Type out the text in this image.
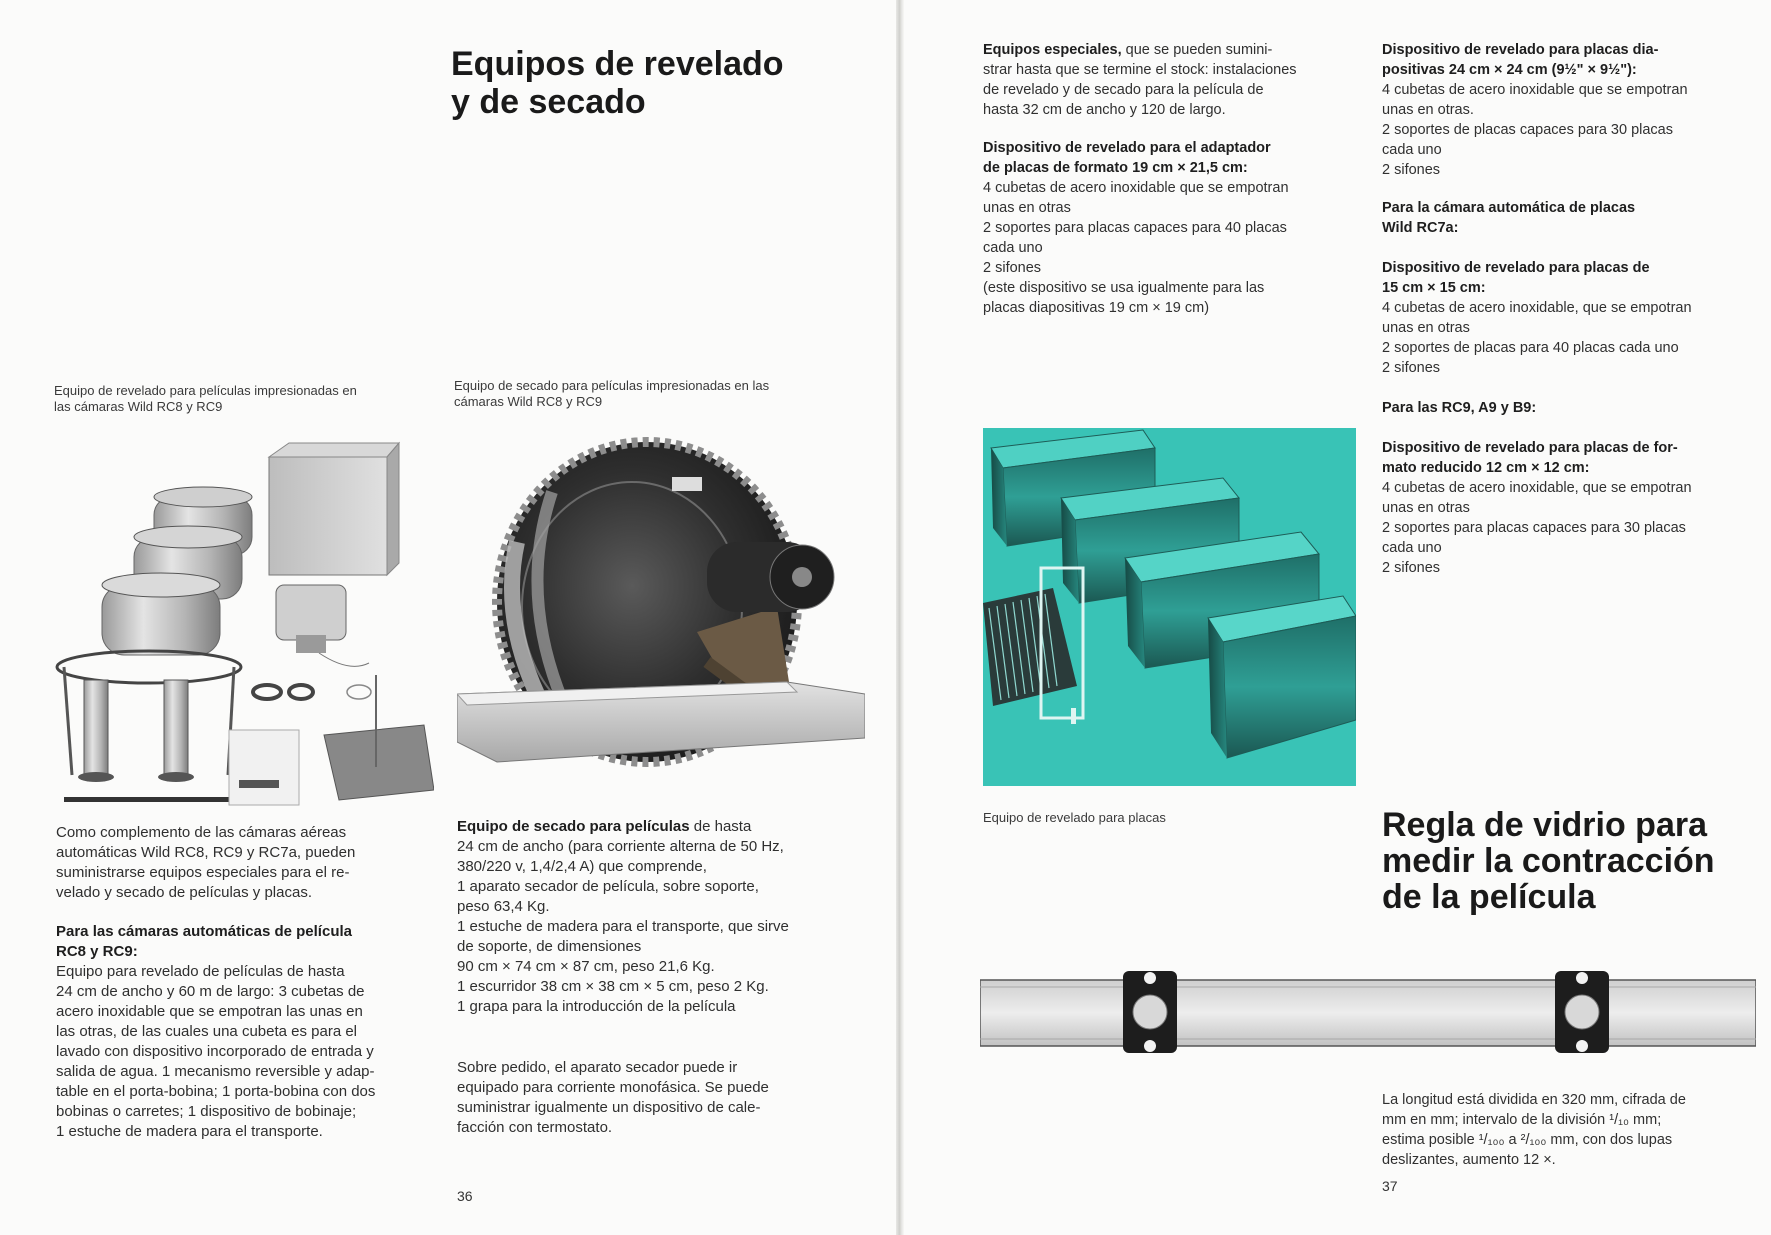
Equipos de revelado
y de secado
Equipo de revelado para películas impresionadas en
las cámaras Wild RC8 y RC9
Equipo de secado para películas impresionadas en las
cámaras Wild RC8 y RC9
Como complemento de las cámaras aéreas
automáticas Wild RC8, RC9 y RC7a, pueden
suministrarse equipos especiales para el re-
velado y secado de películas y placas.
Para las cámaras automáticas de película
RC8 y RC9:
Equipo para revelado de películas de hasta
24 cm de ancho y 60 m de largo: 3 cubetas de
acero inoxidable que se empotran las unas en
las otras, de las cuales una cubeta es para el
lavado con dispositivo incorporado de entrada y
salida de agua. 1 mecanismo reversible y adap-
table en el porta-bobina; 1 porta-bobina con dos
bobinas o carretes; 1 dispositivo de bobinaje;
1 estuche de madera para el transporte.
Equipo de secado para películas de hasta
24 cm de ancho (para corriente alterna de 50 Hz,
380/220 v, 1,4/2,4 A) que comprende,
1 aparato secador de película, sobre soporte,
peso 63,4 Kg.
1 estuche de madera para el transporte, que sirve
de soporte, de dimensiones
90 cm × 74 cm × 87 cm, peso 21,6 Kg.
1 escurridor 38 cm × 38 cm × 5 cm, peso 2 Kg.
1 grapa para la introducción de la película
Sobre pedido, el aparato secador puede ir
equipado para corriente monofásica. Se puede
suministrar igualmente un dispositivo de cale-
facción con termostato.
36
Equipos especiales, que se pueden sumini-
strar hasta que se termine el stock: instalaciones
de revelado y de secado para la película de
hasta 32 cm de ancho y 120 de largo.
Dispositivo de revelado para el adaptador
de placas de formato 19 cm × 21,5 cm:
4 cubetas de acero inoxidable que se empotran
unas en otras
2 soportes para placas capaces para 40 placas
cada uno
2 sifones
(este dispositivo se usa igualmente para las
placas diapositivas 19 cm × 19 cm)
Dispositivo de revelado para placas dia-
positivas 24 cm × 24 cm (9½" × 9½"):
4 cubetas de acero inoxidable que se empotran
unas en otras.
2 soportes de placas capaces para 30 placas
cada uno
2 sifones
Para la cámara automática de placas
Wild RC7a:
Dispositivo de revelado para placas de
15 cm × 15 cm:
4 cubetas de acero inoxidable, que se empotran
unas en otras
2 soportes de placas para 40 placas cada uno
2 sifones
Para las RC9, A9 y B9:
Dispositivo de revelado para placas de for-
mato reducido 12 cm × 12 cm:
4 cubetas de acero inoxidable, que se empotran
unas en otras
2 soportes para placas capaces para 30 placas
cada uno
2 sifones
Equipo de revelado para placas	Regla de vidrio para
medir la contracción
de la película
La longitud está dividida en 320 mm, cifrada de
mm en mm; intervalo de la división ¹/₁₀ mm;
estima posible ¹/₁₀₀ a ²/₁₀₀ mm, con dos lupas
deslizantes, aumento 12 ×.
37
